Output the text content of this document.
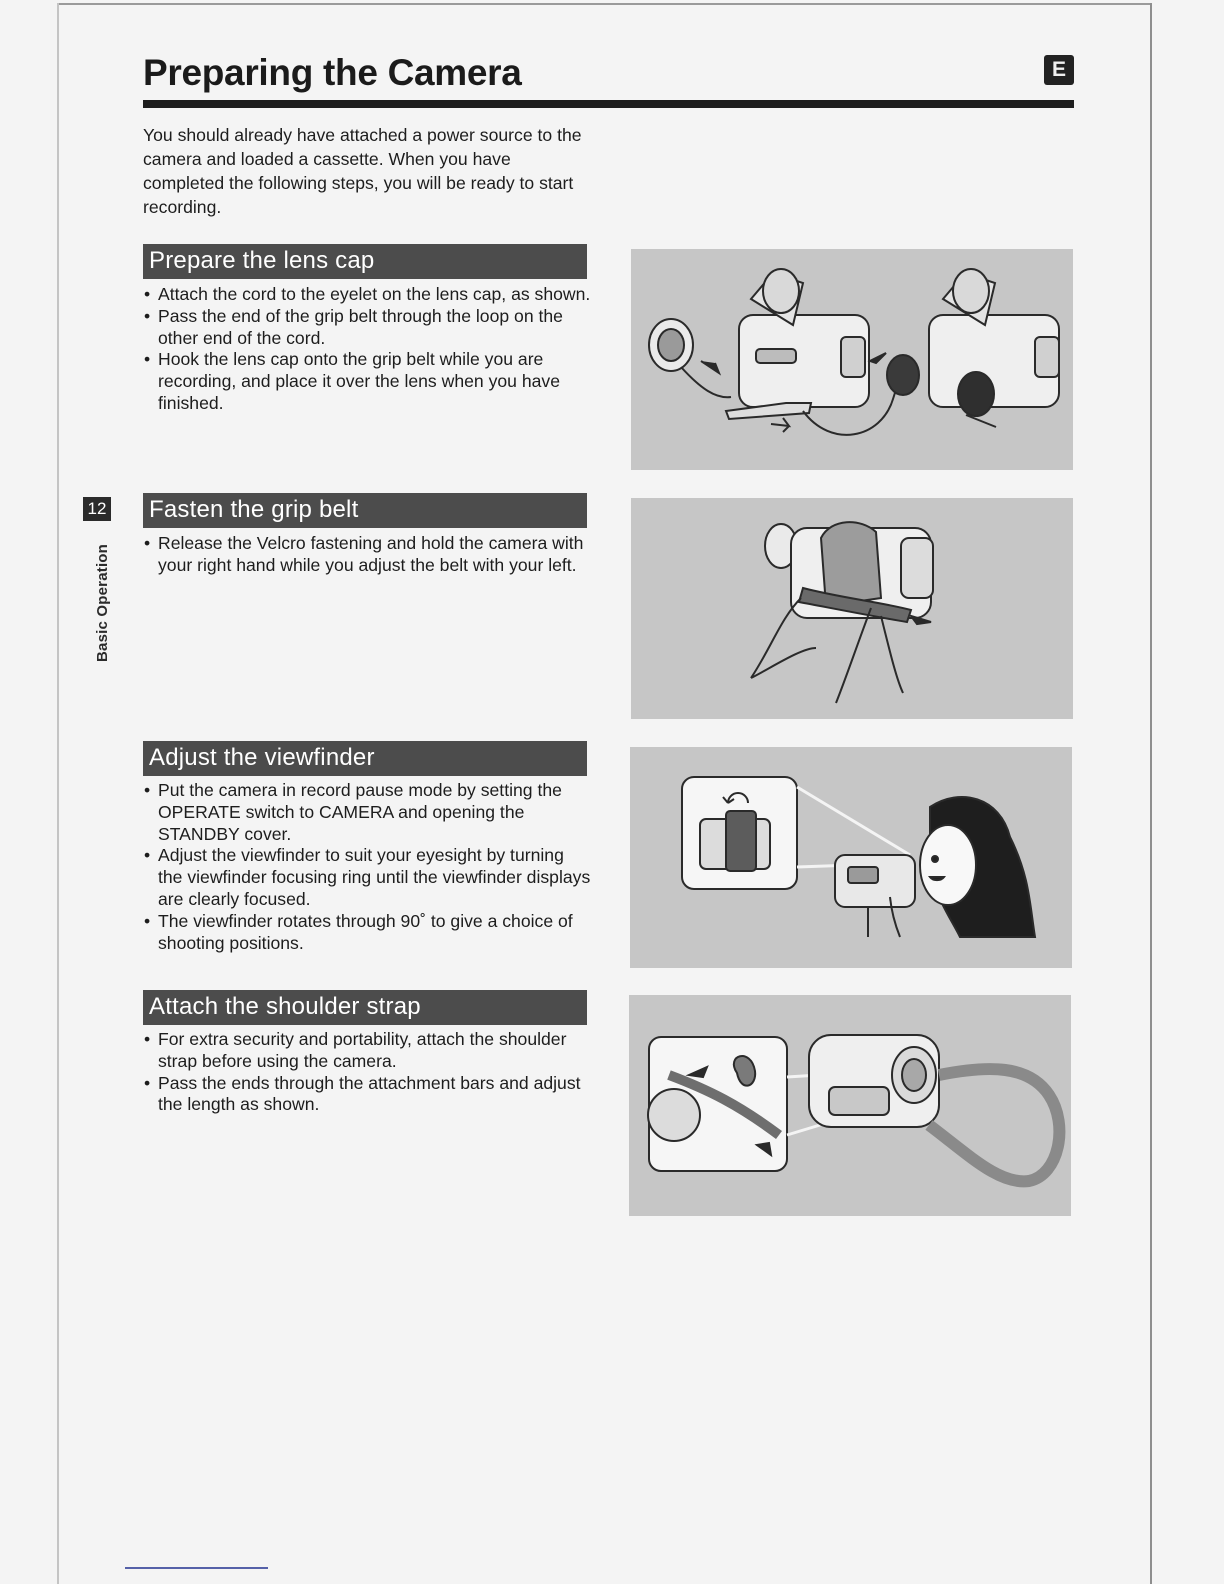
Preparing the Camera	E
You should already have attached a power source to the camera and loaded a cassette. When you have completed the following steps, you will be ready to start recording.
12
Basic Operation
Prepare the lens cap
• Attach the cord to the eyelet on the lens cap, as shown.
• Pass the end of the grip belt through the loop on the other end of the cord.
• Hook the lens cap onto the grip belt while you are recording, and place it over the lens when you have finished.
Fasten the grip belt
• Release the Velcro fastening and hold the camera with your right hand while you adjust the belt with your left.
Adjust the viewfinder
• Put the camera in record pause mode by setting the OPERATE switch to CAMERA and opening the STANDBY cover.
• Adjust the viewfinder to suit your eyesight by turning the viewfinder focusing ring until the viewfinder displays are clearly focused.
• The viewfinder rotates through 90˚ to give a choice of shooting positions.
Attach the shoulder strap
• For extra security and portability, attach the shoulder strap before using the camera.
• Pass the ends through the attachment bars and adjust the length as shown.
